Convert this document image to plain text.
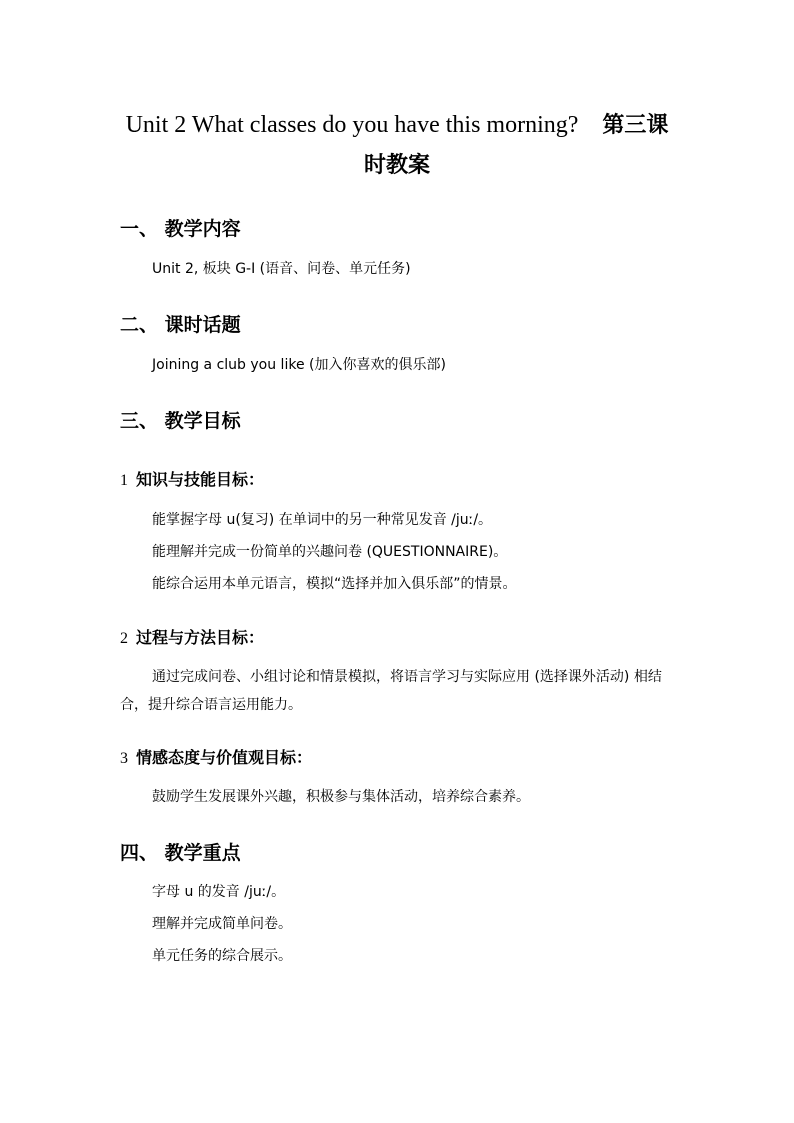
Unit 2 What classes do you have this morning? 第三课
时教案
一、 教学内容

Unit 2, 板块 G-I (语音、问卷、单元任务)

二、 课时话题

Joining a club you like (加入你喜欢的俱乐部)

三、 教学目标
1 知识与技能目标：

能掌握字母 u(复习) 在单词中的另一种常见发音 /juː/。

能理解并完成一份简单的兴趣问卷 (QUESTIONNAIRE)。

能综合运用本单元语言，模拟“选择并加入俱乐部”的情景。

2 过程与方法目标：

通过完成问卷、小组讨论和情景模拟，将语言学习与实际应用 (选择课外活动) 相结合，提升综合语言运用能力。

3 情感态度与价值观目标：

鼓励学生发展课外兴趣，积极参与集体活动，培养综合素养。

四、 教学重点

字母 u 的发音 /juː/。

理解并完成简单问卷。

单元任务的综合展示。
